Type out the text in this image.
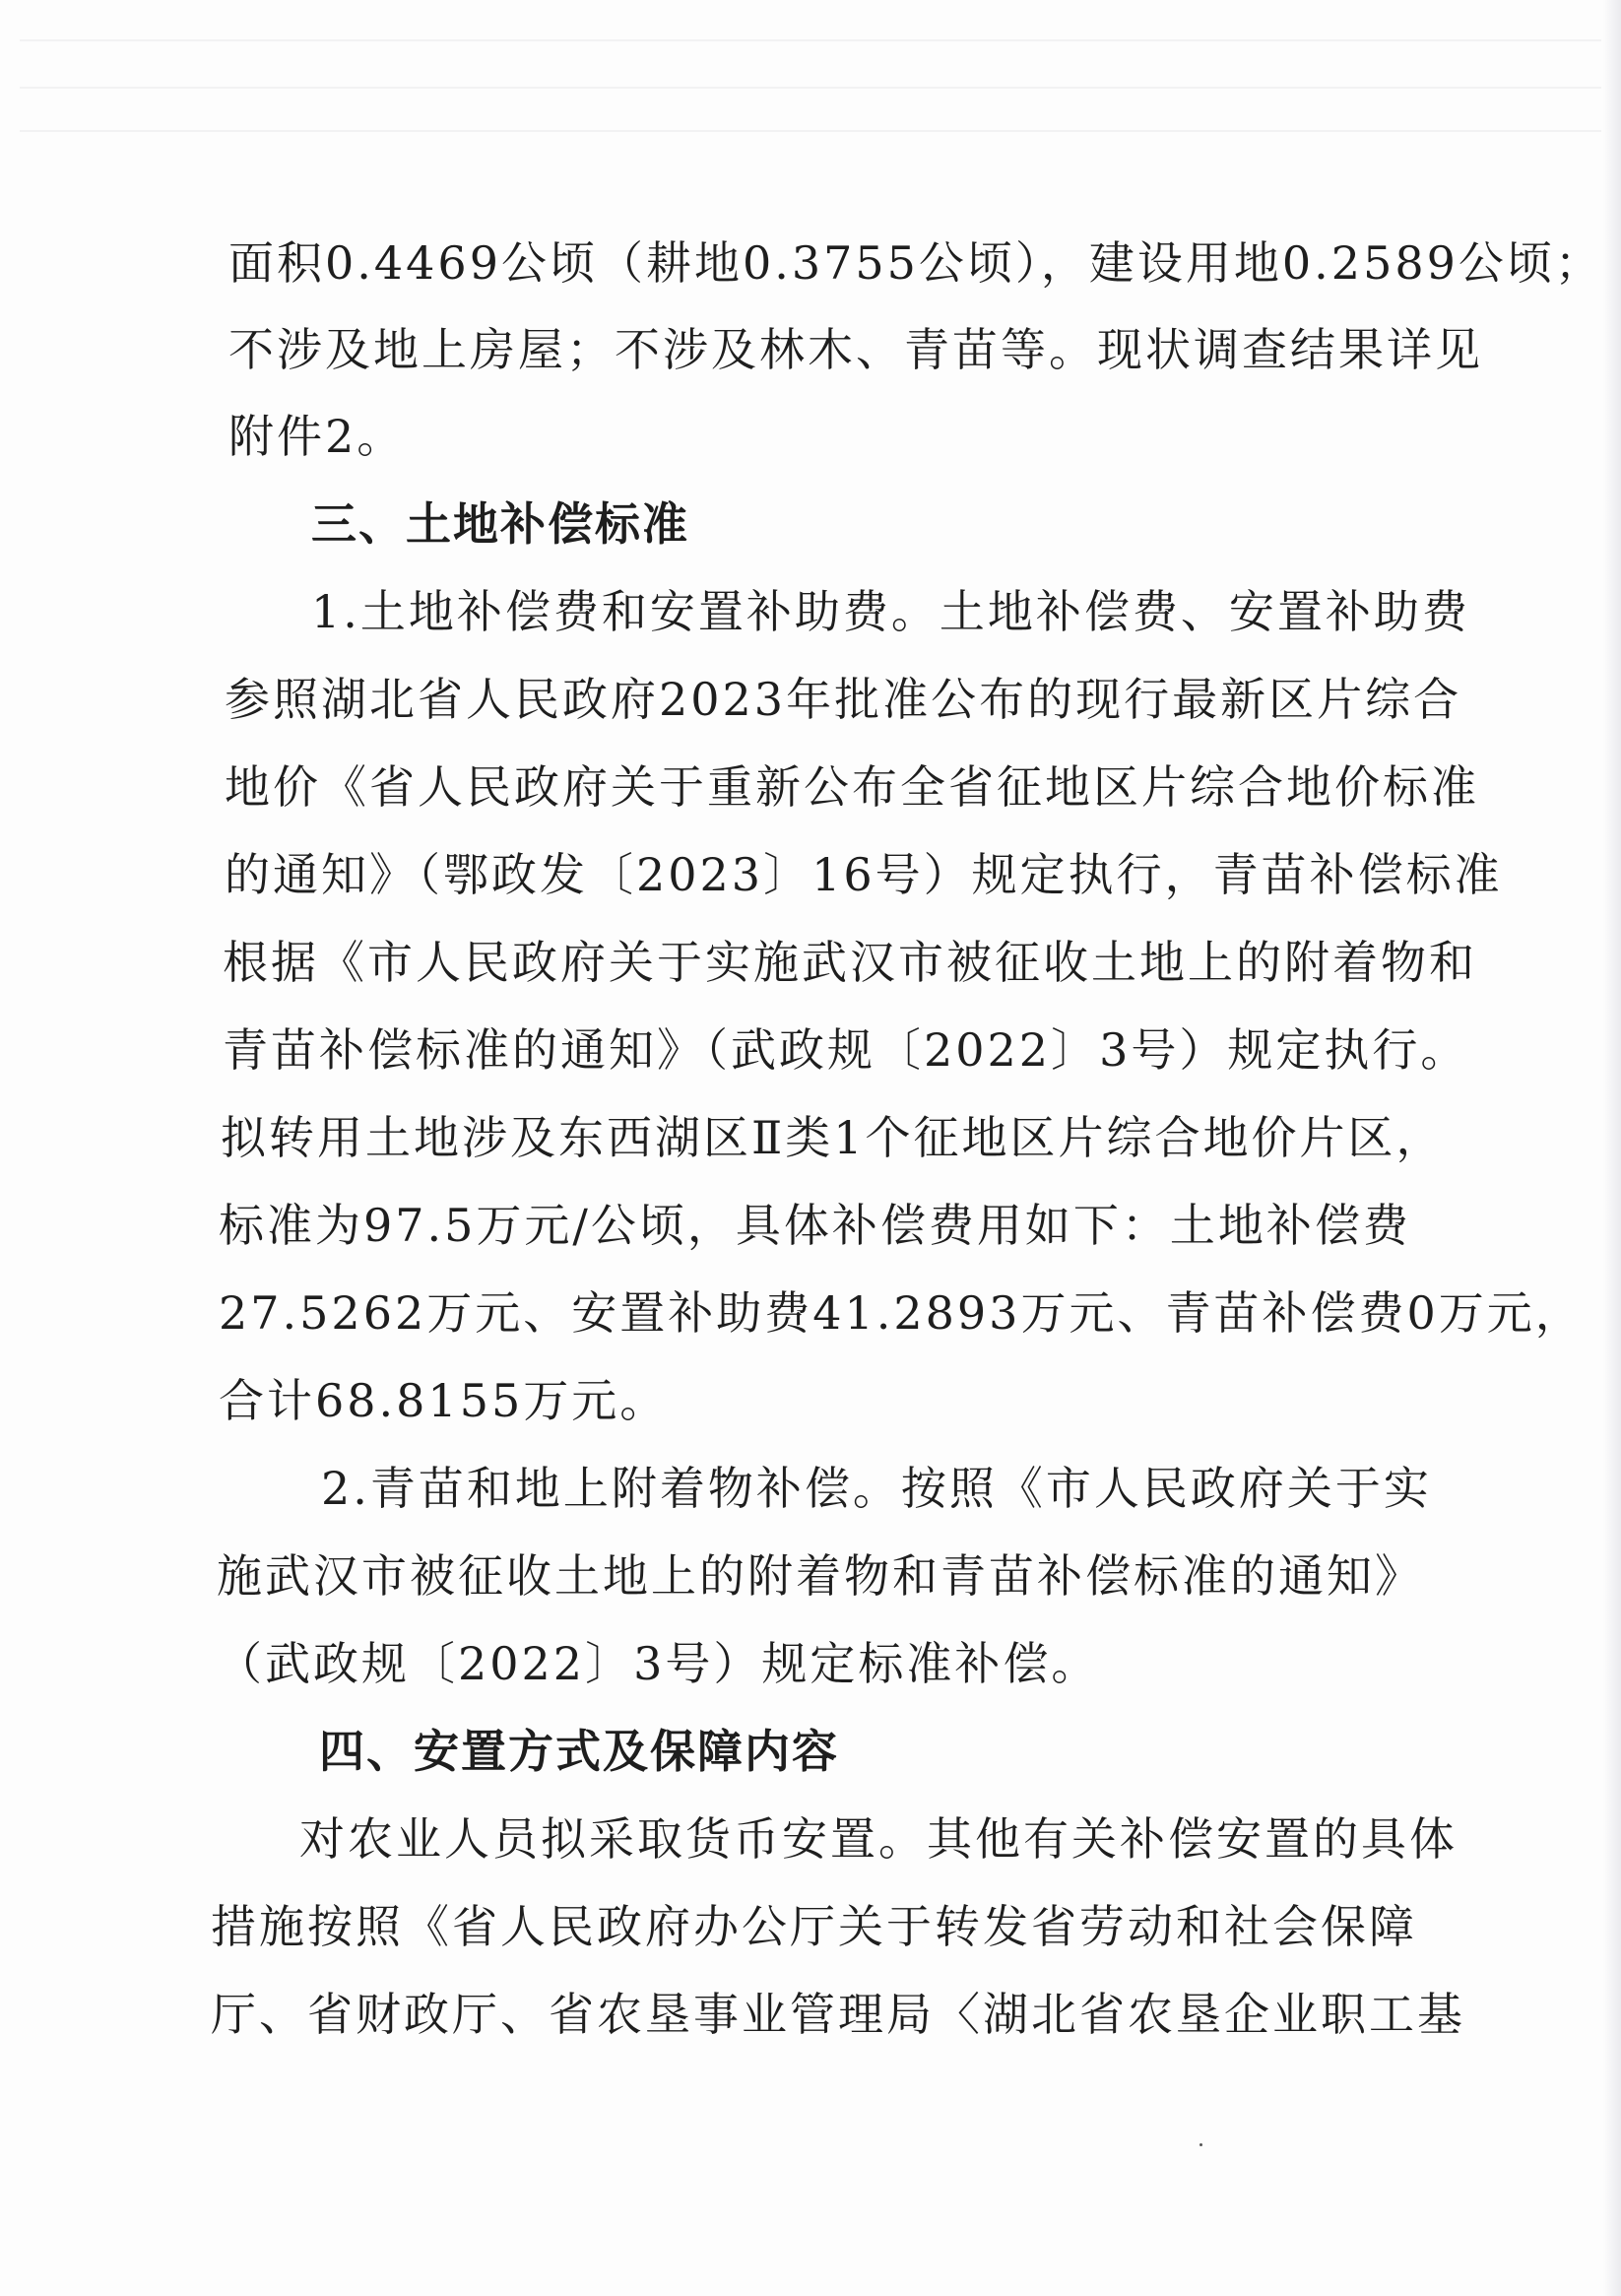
面积0.4469公顷（耕地0.3755公顷），建设用地0.2589公顷；
不涉及地上房屋；不涉及林木、青苗等。现状调查结果详见
附件2。
三、土地补偿标准
1.土地补偿费和安置补助费。土地补偿费、安置补助费
参照湖北省人民政府2023年批准公布的现行最新区片综合
地价《省人民政府关于重新公布全省征地区片综合地价标准
的通知》（鄂政发〔2023〕16号）规定执行，青苗补偿标准
根据《市人民政府关于实施武汉市被征收土地上的附着物和
青苗补偿标准的通知》（武政规〔2022〕3号）规定执行。
拟转用土地涉及东西湖区Ⅱ类1个征地区片综合地价片区，
标准为97.5万元/公顷，具体补偿费用如下：土地补偿费
27.5262万元、安置补助费41.2893万元、青苗补偿费0万元，
合计68.8155万元。
2.青苗和地上附着物补偿。按照《市人民政府关于实
施武汉市被征收土地上的附着物和青苗补偿标准的通知》
（武政规〔2022〕3号）规定标准补偿。
四、安置方式及保障内容
对农业人员拟采取货币安置。其他有关补偿安置的具体
措施按照《省人民政府办公厅关于转发省劳动和社会保障
厅、省财政厅、省农垦事业管理局〈湖北省农垦企业职工基
